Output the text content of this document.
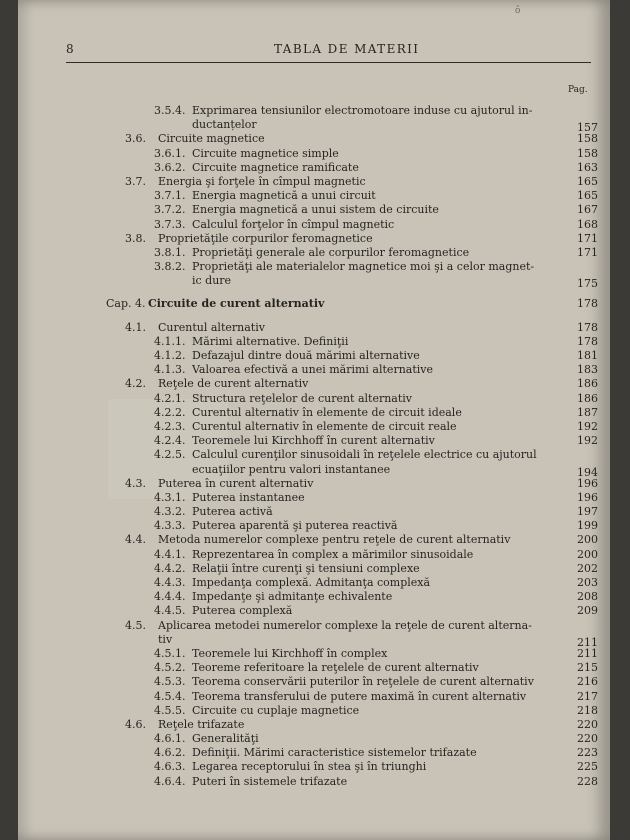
ô
8	TABLA DE MATERII
Pag.
3.5.4. Exprimarea tensiunilor electromotoare induse cu ajutorul in-
ductanțelor	157
3.6. Circuite magnetice	158
3.6.1. Circuite magnetice simple	158
3.6.2. Circuite magnetice ramificate	163
3.7. Energia şi forţele în cîmpul magnetic	165
3.7.1. Energia magnetică a unui circuit	165
3.7.2. Energia magnetică a unui sistem de circuite	167
3.7.3. Calculul forţelor în cîmpul magnetic	168
3.8. Proprietăţile corpurilor feromagnetice	171
3.8.1. Proprietăţi generale ale corpurilor feromagnetice	171
3.8.2. Proprietăţi ale materialelor magnetice moi şi a celor magnet-
ic dure	175
Cap. 4. Circuite de curent alternativ	178
4.1. Curentul alternativ	178
4.1.1. Mărimi alternative. Definiţii	178
4.1.2. Defazajul dintre două mărimi alternative	181
4.1.3. Valoarea efectivă a unei mărimi alternative	183
4.2. Reţele de curent alternativ	186
4.2.1. Structura reţelelor de curent alternativ	186
4.2.2. Curentul alternativ în elemente de circuit ideale	187
4.2.3. Curentul alternativ în elemente de circuit reale	192
4.2.4. Teoremele lui Kirchhoff în curent alternativ	192
4.2.5. Calculul curenţilor sinusoidali în reţelele electrice cu ajutorul
ecuaţiilor pentru valori instantanee	194
4.3. Puterea în curent alternativ	196
4.3.1. Puterea instantanee	196
4.3.2. Puterea activă	197
4.3.3. Puterea aparentă şi puterea reactivă	199
4.4. Metoda numerelor complexe pentru reţele de curent alternativ	200
4.4.1. Reprezentarea în complex a mărimilor sinusoidale	200
4.4.2. Relaţii între curenţi şi tensiuni complexe	202
4.4.3. Impedanţa complexă. Admitanţa complexă	203
4.4.4. Impedanţe şi admitanţe echivalente	208
4.4.5. Puterea complexă	209
4.5. Aplicarea metodei numerelor complexe la reţele de curent alterna-
tiv	211
4.5.1. Teoremele lui Kirchhoff în complex	211
4.5.2. Teoreme referitoare la reţelele de curent alternativ	215
4.5.3. Teorema conservării puterilor în reţelele de curent alternativ	216
4.5.4. Teorema transferului de putere maximă în curent alternativ	217
4.5.5. Circuite cu cuplaje magnetice	218
4.6. Reţele trifazate	220
4.6.1. Generalităţi	220
4.6.2. Definiţii. Mărimi caracteristice sistemelor trifazate	223
4.6.3. Legarea receptorului în stea şi în triunghi	225
4.6.4. Puteri în sistemele trifazate	228
